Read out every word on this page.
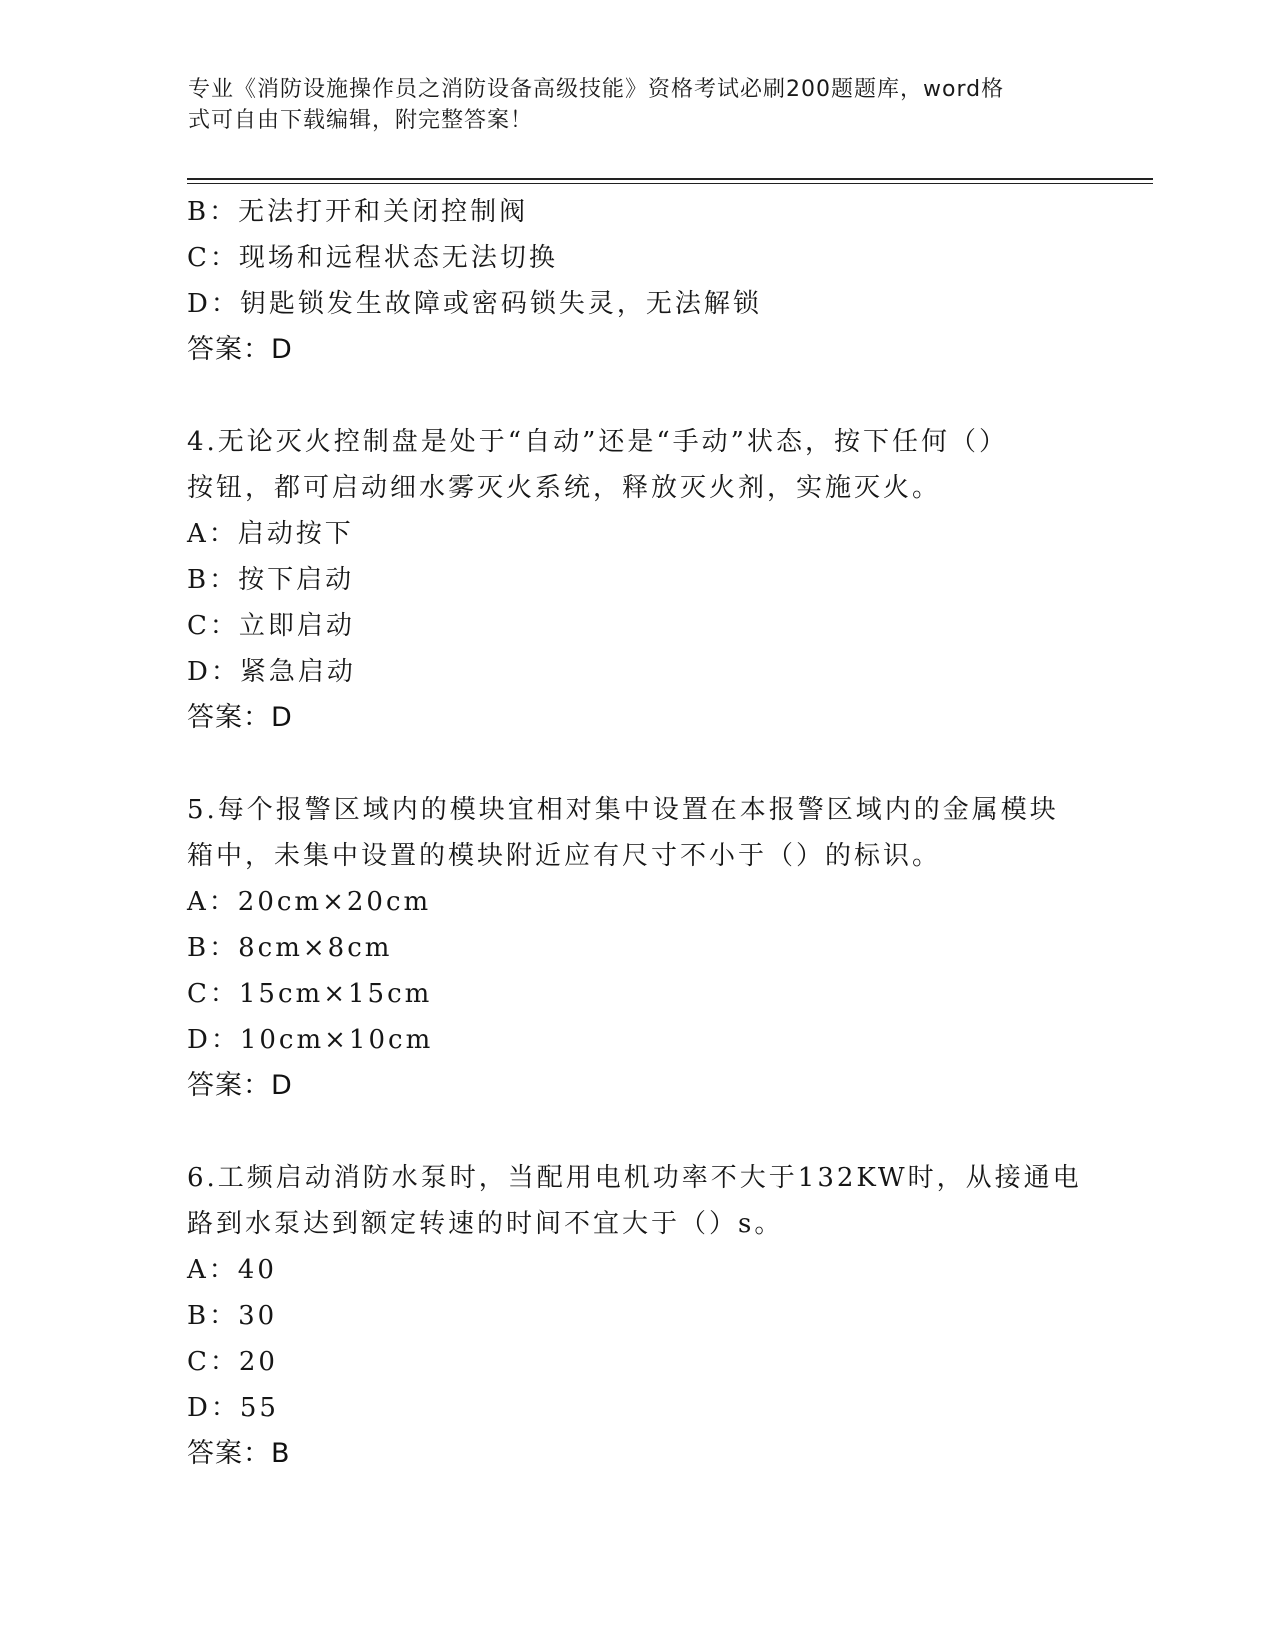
专业《消防设施操作员之消防设备高级技能》资格考试必刷200题题库，word格
式可自由下载编辑，附完整答案！
B：无法打开和关闭控制阀
C：现场和远程状态无法切换
D：钥匙锁发生故障或密码锁失灵，无法解锁
答案：D
4.无论灭火控制盘是处于“自动”还是“手动”状态，按下任何（）
按钮，都可启动细水雾灭火系统，释放灭火剂，实施灭火。
A：启动按下
B：按下启动
C：立即启动
D：紧急启动
答案：D
5.每个报警区域内的模块宜相对集中设置在本报警区域内的金属模块
箱中，未集中设置的模块附近应有尺寸不小于（）的标识。
A：20cm×20cm
B：8cm×8cm
C：15cm×15cm
D：10cm×10cm
答案：D
6.工频启动消防水泵时，当配用电机功率不大于132KW时，从接通电
路到水泵达到额定转速的时间不宜大于（）s。
A：40
B：30
C：20
D：55
答案：B
